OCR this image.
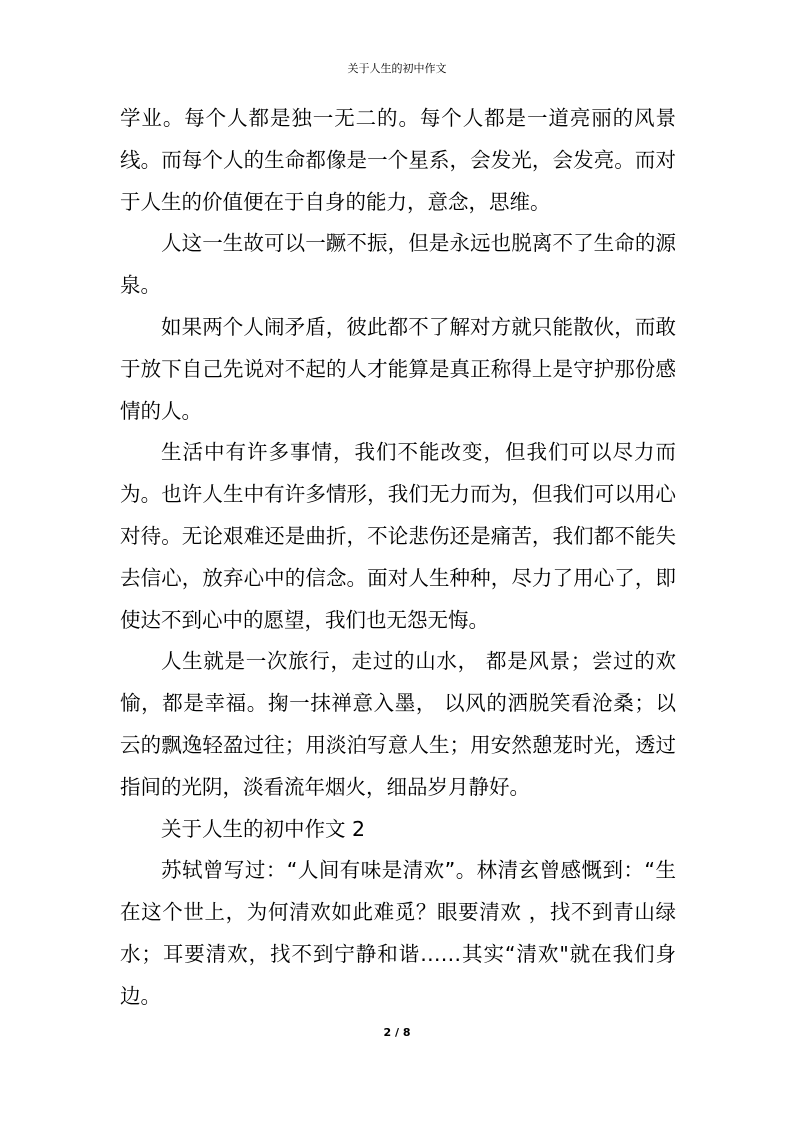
关于人生的初中作文

学业。每个人都是独一无二的。每个人都是一道亮丽的风景线。而每个人的生命都像是一个星系，会发光，会发亮。而对于人生的价值便在于自身的能力，意念，思维。

人这一生故可以一蹶不振，但是永远也脱离不了生命的源泉。

如果两个人闹矛盾，彼此都不了解对方就只能散伙，而敢于放下自己先说对不起的人才能算是真正称得上是守护那份感情的人。

生活中有许多事情，我们不能改变，但我们可以尽力而为。也许人生中有许多情形，我们无力而为，但我们可以用心对待。无论艰难还是曲折，不论悲伤还是痛苦，我们都不能失去信心，放弃心中的信念。面对人生种种，尽力了用心了，即使达不到心中的愿望，我们也无怨无悔。

人生就是一次旅行，走过的山水， 都是风景；尝过的欢愉，都是幸福。掬一抹禅意入墨， 以风的洒脱笑看沧桑；以云的飘逸轻盈过往；用淡泊写意人生；用安然憩茏时光，透过指间的光阴，淡看流年烟火，细品岁月静好。

关于人生的初中作文 2

苏轼曾写过：“人间有味是清欢”。林清玄曾感慨到：“生在这个世上，为何清欢如此难觅？眼要清欢 ，找不到青山绿水；耳要清欢，找不到宁静和谐……其实“清欢"就在我们身边。

2 / 8
